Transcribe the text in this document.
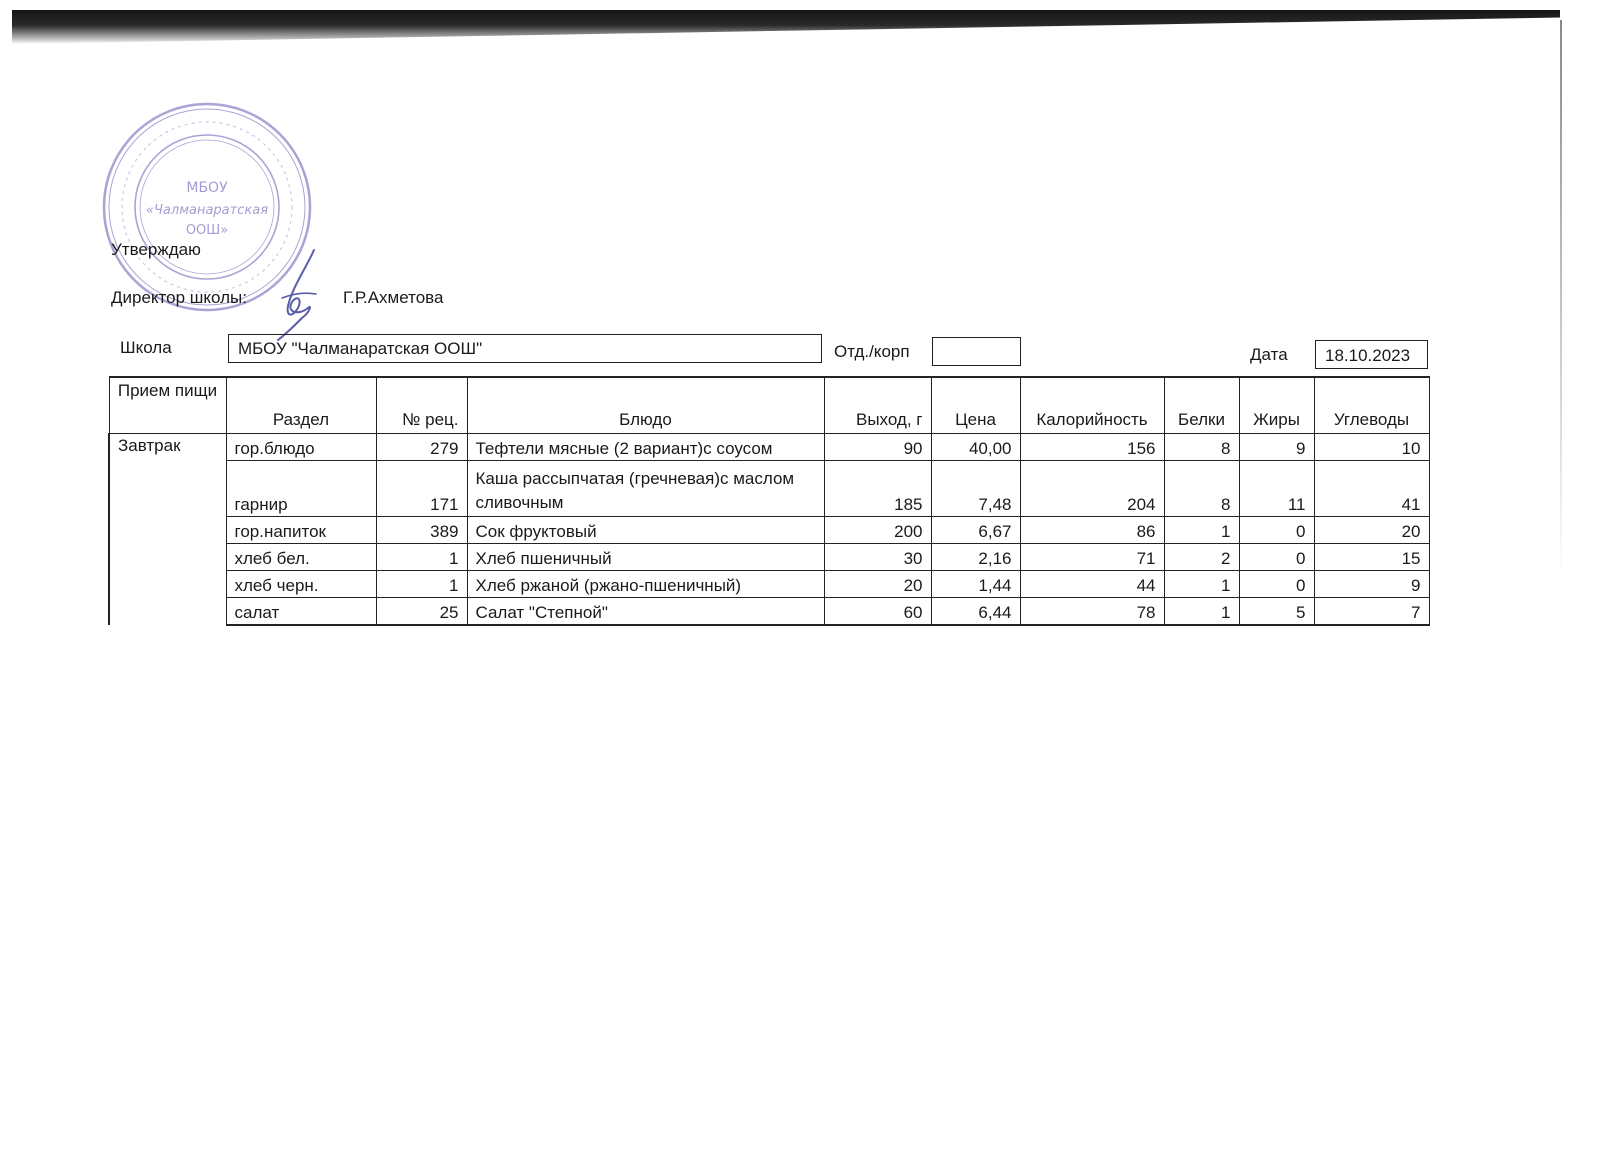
МБОУ
«Чалманаратская
ООШ»
Утверждаю
Директор школы:	Г.Р.Ахметова
Школа	МБОУ "Чалманаратская ООШ"	Отд./корп	Дата	18.10.2023
Прием пищи	Раздел	№ рец.	Блюдо	Выход, г	Цена	Калорийность	Белки	Жиры	Углеводы
Завтрак	гор.блюдо	279	Тефтели мясные (2 вариант)с соусом	90	40,00	156	8	9	10
	гарнир	171	Каша рассыпчатая (гречневая)с маслом сливочным	185	7,48	204	8	11	41
	гор.напиток	389	Сок фруктовый	200	6,67	86	1	0	20
	хлеб бел.	1	Хлеб пшеничный	30	2,16	71	2	0	15
	хлеб черн.	1	Хлеб ржаной (ржано-пшеничный)	20	1,44	44	1	0	9
	салат	25	Салат "Степной"	60	6,44	78	1	5	7
